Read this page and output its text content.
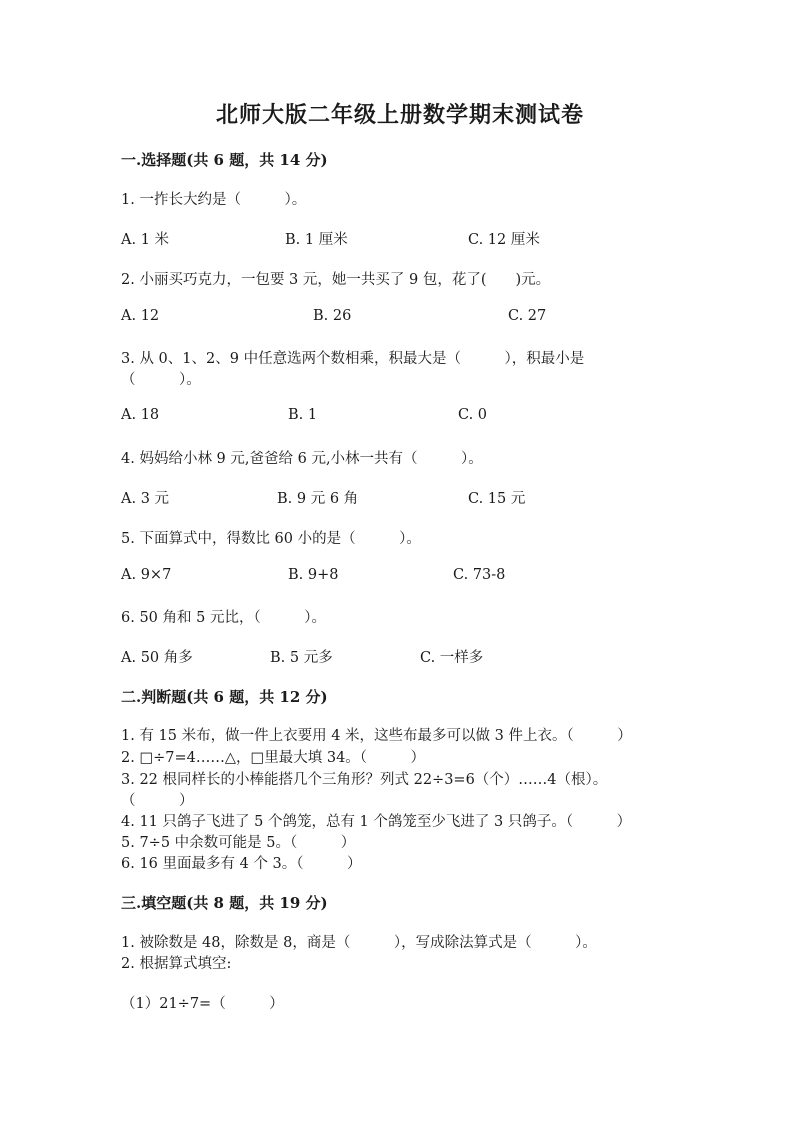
北师大版二年级上册数学期末测试卷
一.选择题(共 6 题，共 14 分)
1. 一拃长大约是（　　　）。
A. 1 米	B. 1 厘米	C. 12 厘米
2. 小丽买巧克力，一包要 3 元，她一共买了 9 包，花了(　　)元。
A. 12	B. 26	C. 27
3. 从 0、1、2、9 中任意选两个数相乘，积最大是（　　　），积最小是
（　　　）。
A. 18	B. 1	C. 0
4. 妈妈给小林 9 元,爸爸给 6 元,小林一共有（　　　）。
A. 3 元	B. 9 元 6 角	C. 15 元
5. 下面算式中，得数比 60 小的是（　　　）。
A. 9×7	B. 9+8	C. 73-8
6. 50 角和 5 元比，（　　　）。
A. 50 角多	B. 5 元多	C. 一样多
二.判断题(共 6 题，共 12 分)
1. 有 15 米布，做一件上衣要用 4 米，这些布最多可以做 3 件上衣。（　　　）
2. □÷7=4……△，□里最大填 34。（　　　）
3. 22 根同样长的小棒能搭几个三角形？列式 22÷3=6（个）……4（根）。
（　　　）
4. 11 只鸽子飞进了 5 个鸽笼，总有 1 个鸽笼至少飞进了 3 只鸽子。（　　　）
5. 7÷5 中余数可能是 5。（　　　）
6. 16 里面最多有 4 个 3。（　　　）
三.填空题(共 8 题，共 19 分)
1. 被除数是 48，除数是 8，商是（　　　），写成除法算式是（　　　）。
2. 根据算式填空:
（1）21÷7=（　　　）
